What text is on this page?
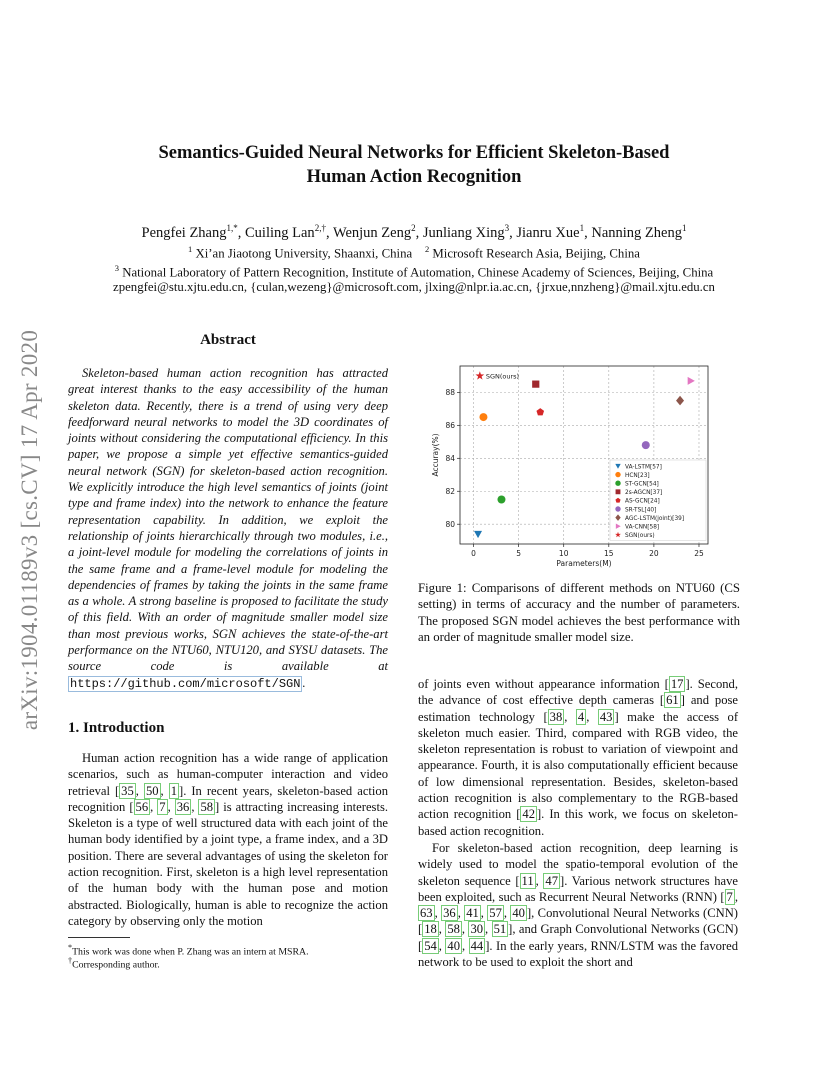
arXiv:1904.01189v3 [cs.CV] 17 Apr 2020
Semantics-Guided Neural Networks for Efficient Skeleton-Based
Human Action Recognition
Pengfei Zhang$^{1,*}$, Cuiling Lan$^{2,\dagger}$, Wenjun Zeng$^2$, Junliang Xing$^3$, Jianru Xue$^1$, Nanning Zheng$^1$
$^1$ Xi’an Jiaotong University, Shaanxi, China $^2$ Microsoft Research Asia, Beijing, China
$^3$ National Laboratory of Pattern Recognition, Institute of Automation, Chinese Academy of Sciences, Beijing, China
zpengfei@stu.xjtu.edu.cn, {culan,wezeng}@microsoft.com, jlxing@nlpr.ia.ac.cn, {jrxue,nnzheng}@mail.xjtu.edu.cn
Abstract
Skeleton-based human action recognition has attracted great interest thanks to the easy accessibility of the human skeleton data. Recently, there is a trend of using very deep feedforward neural networks to model the 3D coordinates of joints without considering the computational efficiency. In this paper, we propose a simple yet effective semantics-guided neural network (SGN) for skeleton-based action recognition. We explicitly introduce the high level semantics of joints (joint type and frame index) into the network to enhance the feature representation capability. In addition, we exploit the relationship of joints hierarchically through two modules, i.e., a joint-level module for modeling the correlations of joints in the same frame and a frame-level module for modeling the dependencies of frames by taking the joints in the same frame as a whole. A strong baseline is proposed to facilitate the study of this field. With an order of magnitude smaller model size than most previous works, SGN achieves the state-of-the-art performance on the NTU60, NTU120, and SYSU datasets. The source code is available at https://github.com/microsoft/SGN .
1. Introduction
Human action recognition has a wide range of application scenarios, such as human-computer interaction and video retrieval [ 35 , 50 , 1 ]. In recent years, skeleton-based action recognition [ 56 , 7 , 36 , 58 ] is attracting increasing interests. Skeleton is a type of well structured data with each joint of the human body identified by a joint type, a frame index, and a 3D position. There are several advantages of using the skeleton for action recognition. First, skeleton is a high level representation of the human body with the human pose and motion abstracted. Biologically, human is able to recognize the action category by observing only the motion
*This work was done when P. Zhang was an intern at MSRA.
†Corresponding author.
0	5	10	15	20	25
80
82
84
86
88
Parameters(M)
Accuray(%)
SGN(ours)
VA-LSTM[57]
HCN[23]
ST-GCN[54]
2s-AGCN[37]
AS-GCN[24]
SR-TSL[40]
AGC-LSTM(joint)[39]
VA-CNN[58]
SGN(ours)
Figure 1: Comparisons of different methods on NTU60 (CS setting) in terms of accuracy and the number of parameters. The proposed SGN model achieves the best performance with an order of magnitude smaller model size.
of joints even without appearance information [ 17 ]. Second, the advance of cost effective depth cameras [ 61 ] and pose estimation technology [ 38 , 4 , 43 ] make the access of skeleton much easier. Third, compared with RGB video, the skeleton representation is robust to variation of viewpoint and appearance. Fourth, it is also computationally efficient because of low dimensional representation. Besides, skeleton-based action recognition is also complementary to the RGB-based action recognition [ 42 ]. In this work, we focus on skeleton-based action recognition.
For skeleton-based action recognition, deep learning is widely used to model the spatio-temporal evolution of the skeleton sequence [ 11 , 47 ]. Various network structures have been exploited, such as Recurrent Neural Networks (RNN) [ 7 , 63 , 36 , 41 , 57 , 40 ], Convolutional Neural Networks (CNN) [ 18 , 58 , 30 , 51 ], and Graph Convolutional Networks (GCN) [ 54 , 40 , 44 ]. In the early years, RNN/LSTM was the favored network to be used to exploit the short and
